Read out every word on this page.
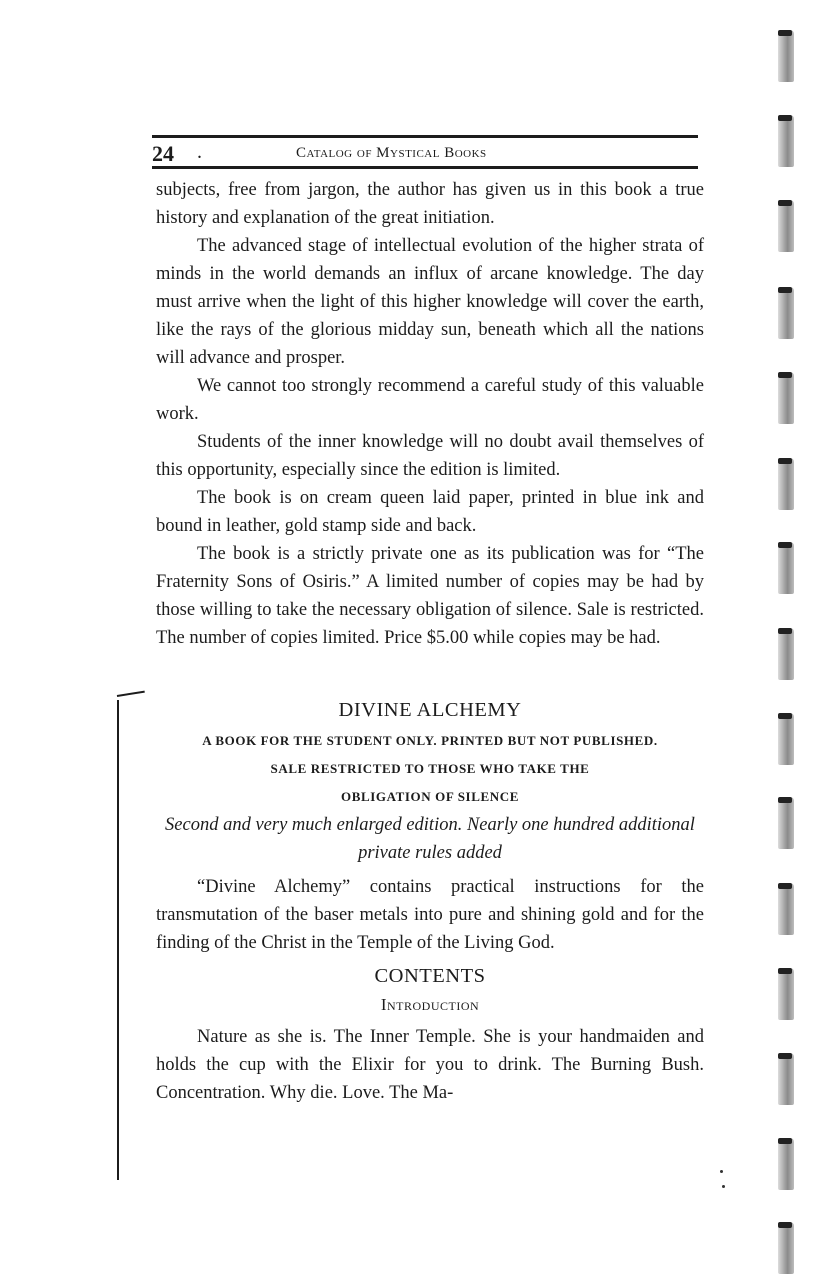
24 .	Catalog of Mystical Books

subjects, free from jargon, the author has given us in this book a true history and explanation of the great initiation.

The advanced stage of intellectual evolution of the higher strata of minds in the world demands an influx of arcane knowledge. The day must arrive when the light of this higher knowledge will cover the earth, like the rays of the glorious midday sun, beneath which all the nations will advance and prosper.

We cannot too strongly recommend a careful study of this valuable work.

Students of the inner knowledge will no doubt avail themselves of this opportunity, especially since the edition is limited.

The book is on cream queen laid paper, printed in blue ink and bound in leather, gold stamp side and back.

The book is a strictly private one as its publication was for “The Fraternity Sons of Osiris.” A limited number of copies may be had by those willing to take the necessary obligation of silence. Sale is restricted. The number of copies limited. Price $5.00 while copies may be had.

DIVINE ALCHEMY

A BOOK FOR THE STUDENT ONLY. PRINTED BUT NOT PUBLISHED.

SALE RESTRICTED TO THOSE WHO TAKE THE

OBLIGATION OF SILENCE

Second and very much enlarged edition. Nearly one hundred additional private rules added

“Divine Alchemy” contains practical instructions for the transmutation of the baser metals into pure and shining gold and for the finding of the Christ in the Temple of the Living God.

CONTENTS

Introduction

Nature as she is. The Inner Temple. She is your handmaiden and holds the cup with the Elixir for you to drink. The Burning Bush. Concentration. Why die. Love. The Ma-
